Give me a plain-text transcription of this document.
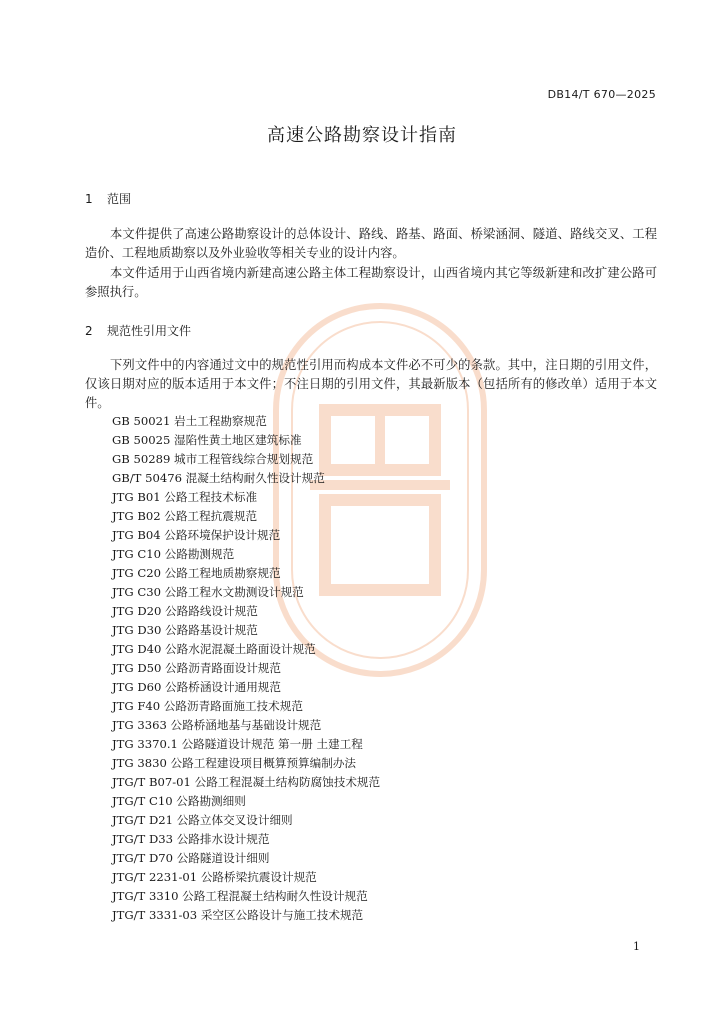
DB14/T 670—2025
高速公路勘察设计指南
1 范围

本文件提供了高速公路勘察设计的总体设计、路线、路基、路面、桥梁涵洞、隧道、路线交叉、工程造价、工程地质勘察以及外业验收等相关专业的设计内容。

本文件适用于山西省境内新建高速公路主体工程勘察设计，山西省境内其它等级新建和改扩建公路可参照执行。

2 规范性引用文件

下列文件中的内容通过文中的规范性引用而构成本文件必不可少的条款。其中，注日期的引用文件，仅该日期对应的版本适用于本文件；不注日期的引用文件，其最新版本（包括所有的修改单）适用于本文件。

GB 50021 岩土工程勘察规范
GB 50025 湿陷性黄土地区建筑标准
GB 50289 城市工程管线综合规划规范
GB/T 50476 混凝土结构耐久性设计规范
JTG B01 公路工程技术标准
JTG B02 公路工程抗震规范
JTG B04 公路环境保护设计规范
JTG C10 公路勘测规范
JTG C20 公路工程地质勘察规范
JTG C30 公路工程水文勘测设计规范
JTG D20 公路路线设计规范
JTG D30 公路路基设计规范
JTG D40 公路水泥混凝土路面设计规范
JTG D50 公路沥青路面设计规范
JTG D60 公路桥涵设计通用规范
JTG F40 公路沥青路面施工技术规范
JTG 3363 公路桥涵地基与基础设计规范
JTG 3370.1 公路隧道设计规范 第一册 土建工程
JTG 3830 公路工程建设项目概算预算编制办法
JTG/T B07-01 公路工程混凝土结构防腐蚀技术规范
JTG/T C10 公路勘测细则
JTG/T D21 公路立体交叉设计细则
JTG/T D33 公路排水设计规范
JTG/T D70 公路隧道设计细则
JTG/T 2231-01 公路桥梁抗震设计规范
JTG/T 3310 公路工程混凝土结构耐久性设计规范
JTG/T 3331-03 采空区公路设计与施工技术规范
1
